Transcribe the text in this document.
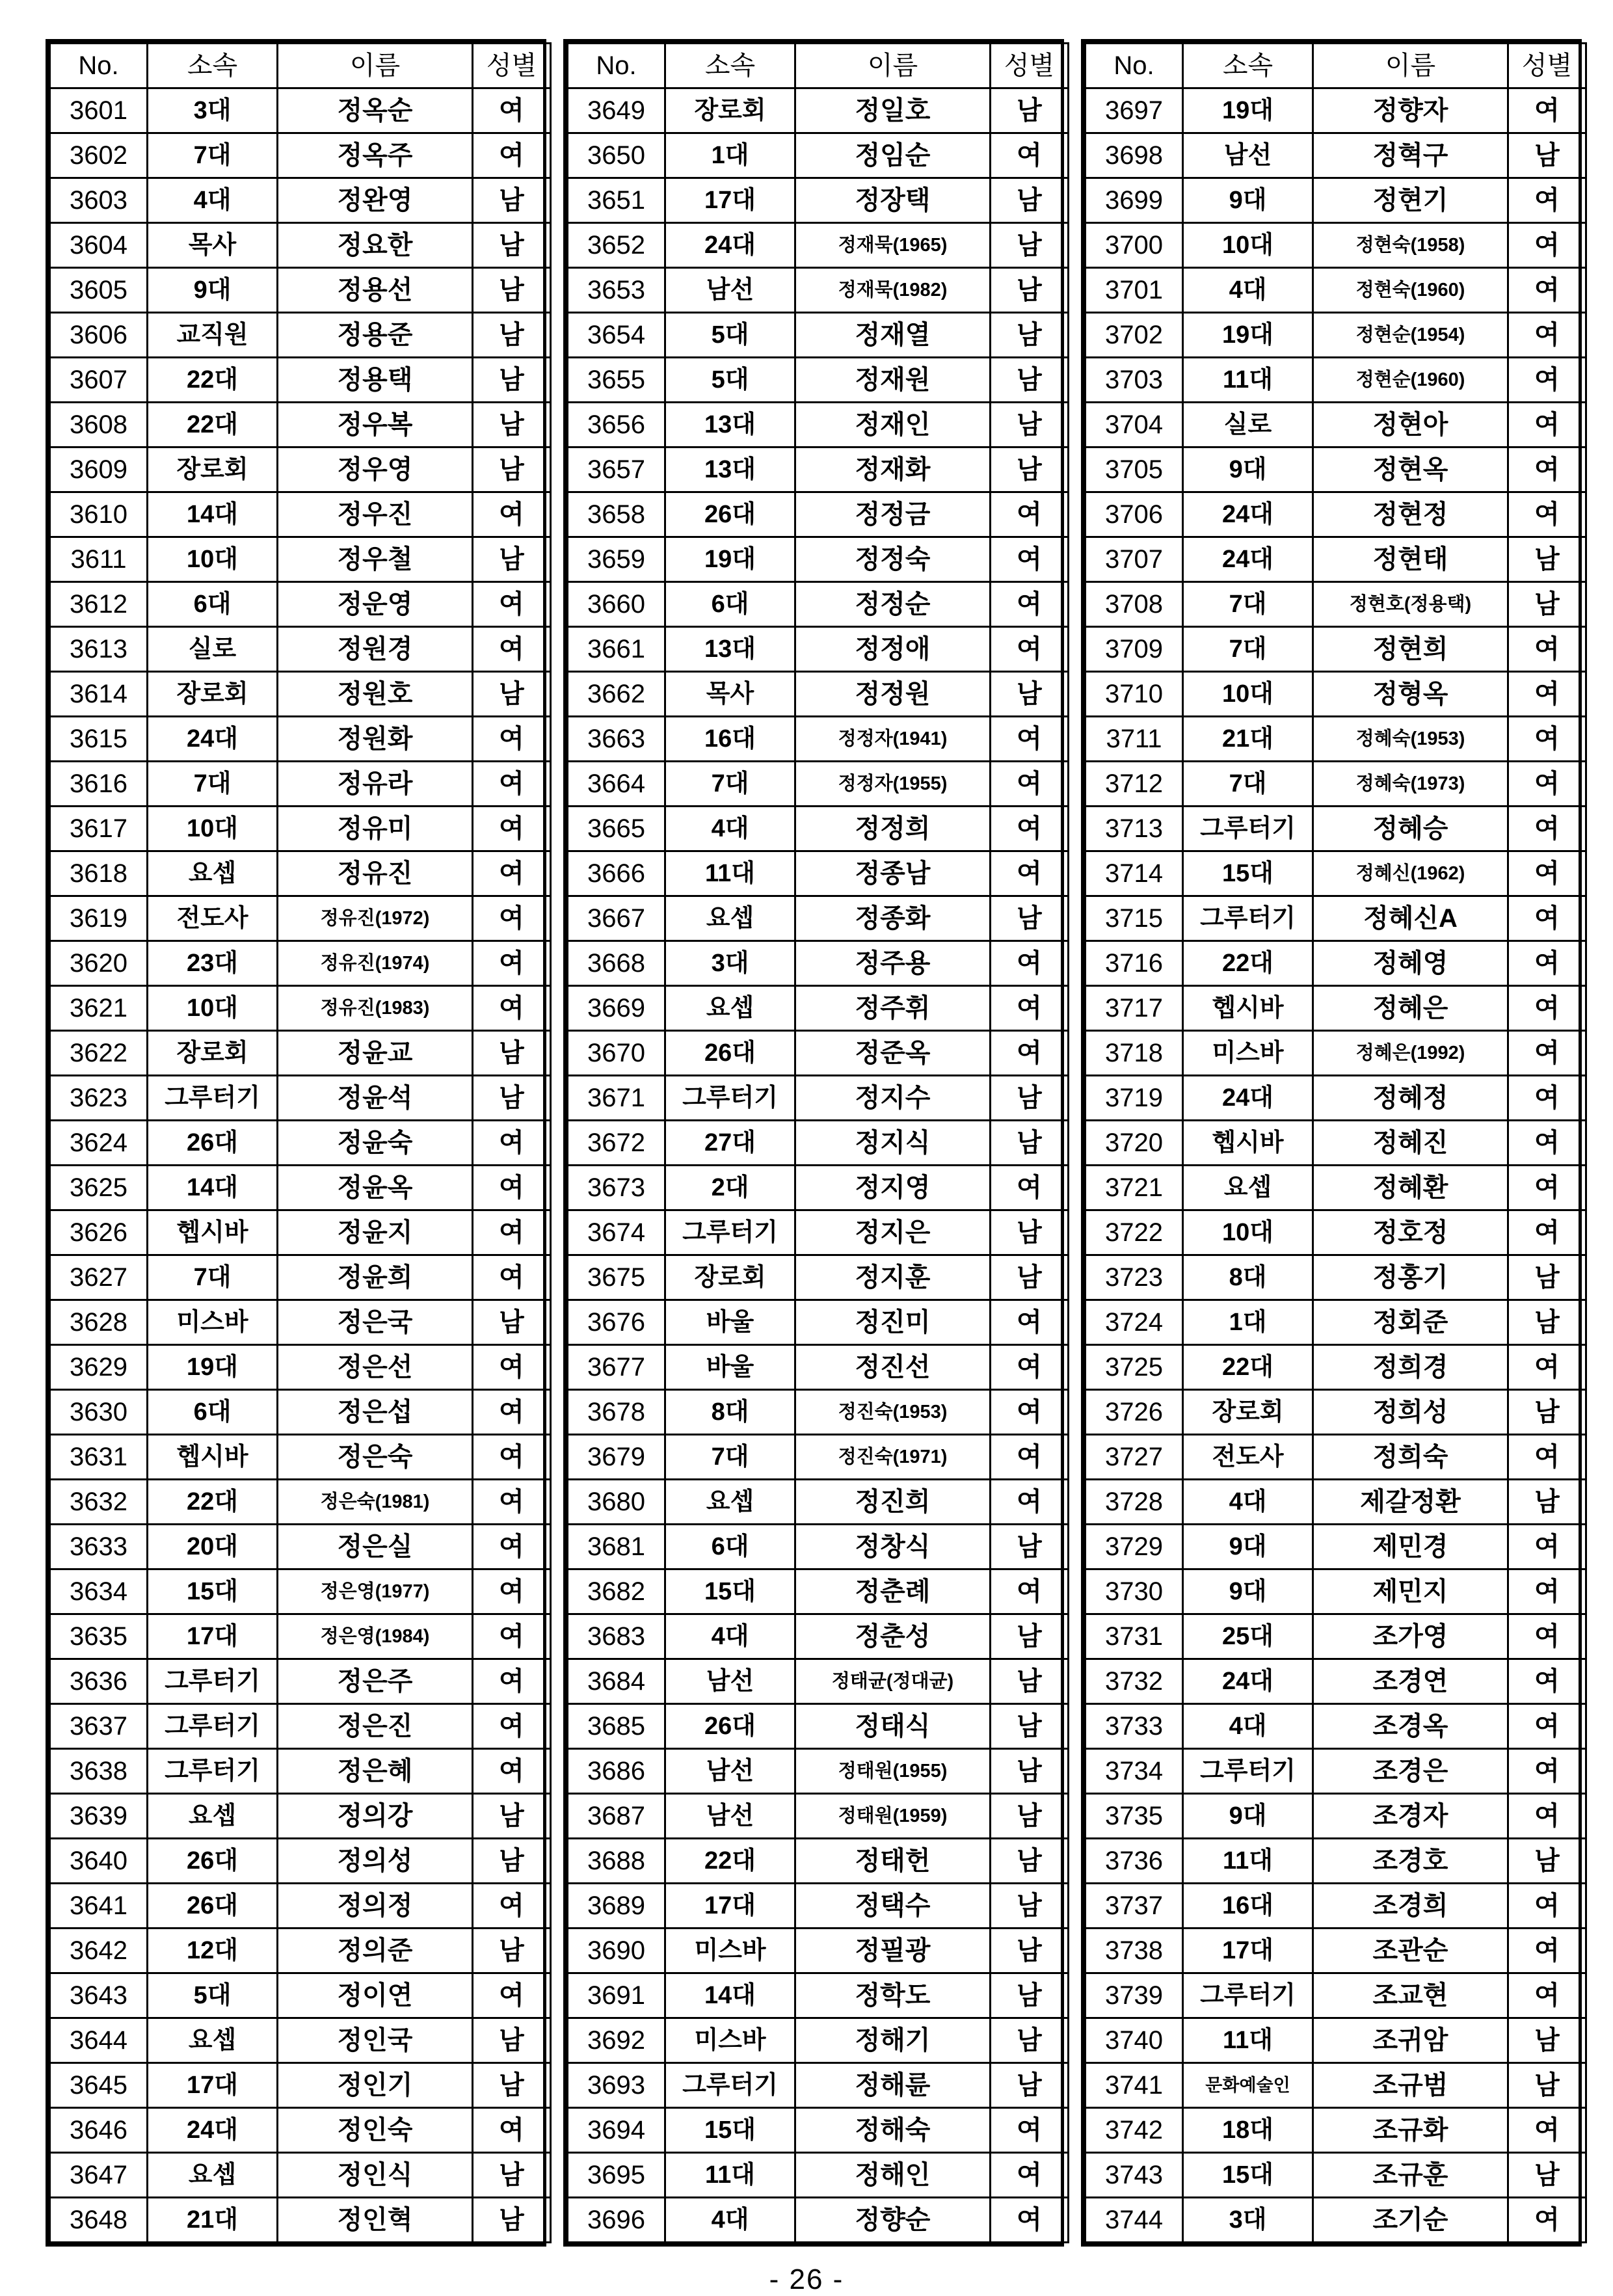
No.	소속	이름	성별
3601	3대	정옥순	여
3602	7대	정옥주	여
3603	4대	정완영	남
3604	목사	정요한	남
3605	9대	정용선	남
3606	교직원	정용준	남
3607	22대	정용택	남
3608	22대	정우복	남
3609	장로회	정우영	남
3610	14대	정우진	여
3611	10대	정우철	남
3612	6대	정운영	여
3613	실로	정원경	여
3614	장로회	정원호	남
3615	24대	정원화	여
3616	7대	정유라	여
3617	10대	정유미	여
3618	요셉	정유진	여
3619	전도사	정유진(1972)	여
3620	23대	정유진(1974)	여
3621	10대	정유진(1983)	여
3622	장로회	정윤교	남
3623	그루터기	정윤석	남
3624	26대	정윤숙	여
3625	14대	정윤옥	여
3626	헵시바	정윤지	여
3627	7대	정윤희	여
3628	미스바	정은국	남
3629	19대	정은선	여
3630	6대	정은섭	여
3631	헵시바	정은숙	여
3632	22대	정은숙(1981)	여
3633	20대	정은실	여
3634	15대	정은영(1977)	여
3635	17대	정은영(1984)	여
3636	그루터기	정은주	여
3637	그루터기	정은진	여
3638	그루터기	정은혜	여
3639	요셉	정의강	남
3640	26대	정의성	남
3641	26대	정의정	여
3642	12대	정의준	남
3643	5대	정이연	여
3644	요셉	정인국	남
3645	17대	정인기	남
3646	24대	정인숙	여
3647	요셉	정인식	남
3648	21대	정인혁	남
No.	소속	이름	성별
3649	장로회	정일호	남
3650	1대	정임순	여
3651	17대	정장택	남
3652	24대	정재묵(1965)	남
3653	남선	정재묵(1982)	남
3654	5대	정재열	남
3655	5대	정재원	남
3656	13대	정재인	남
3657	13대	정재화	남
3658	26대	정정금	여
3659	19대	정정숙	여
3660	6대	정정순	여
3661	13대	정정애	여
3662	목사	정정원	남
3663	16대	정정자(1941)	여
3664	7대	정정자(1955)	여
3665	4대	정정희	여
3666	11대	정종남	여
3667	요셉	정종화	남
3668	3대	정주용	여
3669	요셉	정주휘	여
3670	26대	정준옥	여
3671	그루터기	정지수	남
3672	27대	정지식	남
3673	2대	정지영	여
3674	그루터기	정지은	남
3675	장로회	정지훈	남
3676	바울	정진미	여
3677	바울	정진선	여
3678	8대	정진숙(1953)	여
3679	7대	정진숙(1971)	여
3680	요셉	정진희	여
3681	6대	정창식	남
3682	15대	정춘례	여
3683	4대	정춘성	남
3684	남선	정태균(정대균)	남
3685	26대	정태식	남
3686	남선	정태원(1955)	남
3687	남선	정태원(1959)	남
3688	22대	정태헌	남
3689	17대	정택수	남
3690	미스바	정필광	남
3691	14대	정학도	남
3692	미스바	정해기	남
3693	그루터기	정해륜	남
3694	15대	정해숙	여
3695	11대	정해인	여
3696	4대	정향순	여
No.	소속	이름	성별
3697	19대	정향자	여
3698	남선	정혁구	남
3699	9대	정현기	여
3700	10대	정현숙(1958)	여
3701	4대	정현숙(1960)	여
3702	19대	정현순(1954)	여
3703	11대	정현순(1960)	여
3704	실로	정현아	여
3705	9대	정현옥	여
3706	24대	정현정	여
3707	24대	정현태	남
3708	7대	정현호(정용택)	남
3709	7대	정현희	여
3710	10대	정형옥	여
3711	21대	정혜숙(1953)	여
3712	7대	정혜숙(1973)	여
3713	그루터기	정혜승	여
3714	15대	정혜신(1962)	여
3715	그루터기	정혜신A	여
3716	22대	정혜영	여
3717	헵시바	정혜은	여
3718	미스바	정혜은(1992)	여
3719	24대	정혜정	여
3720	헵시바	정혜진	여
3721	요셉	정혜환	여
3722	10대	정호정	여
3723	8대	정홍기	남
3724	1대	정회준	남
3725	22대	정희경	여
3726	장로회	정희성	남
3727	전도사	정희숙	여
3728	4대	제갈정환	남
3729	9대	제민경	여
3730	9대	제민지	여
3731	25대	조가영	여
3732	24대	조경연	여
3733	4대	조경옥	여
3734	그루터기	조경은	여
3735	9대	조경자	여
3736	11대	조경호	남
3737	16대	조경희	여
3738	17대	조관순	여
3739	그루터기	조교현	여
3740	11대	조귀암	남
3741	문화예술인	조규범	남
3742	18대	조규화	여
3743	15대	조규훈	남
3744	3대	조기순	여
- 26 -
